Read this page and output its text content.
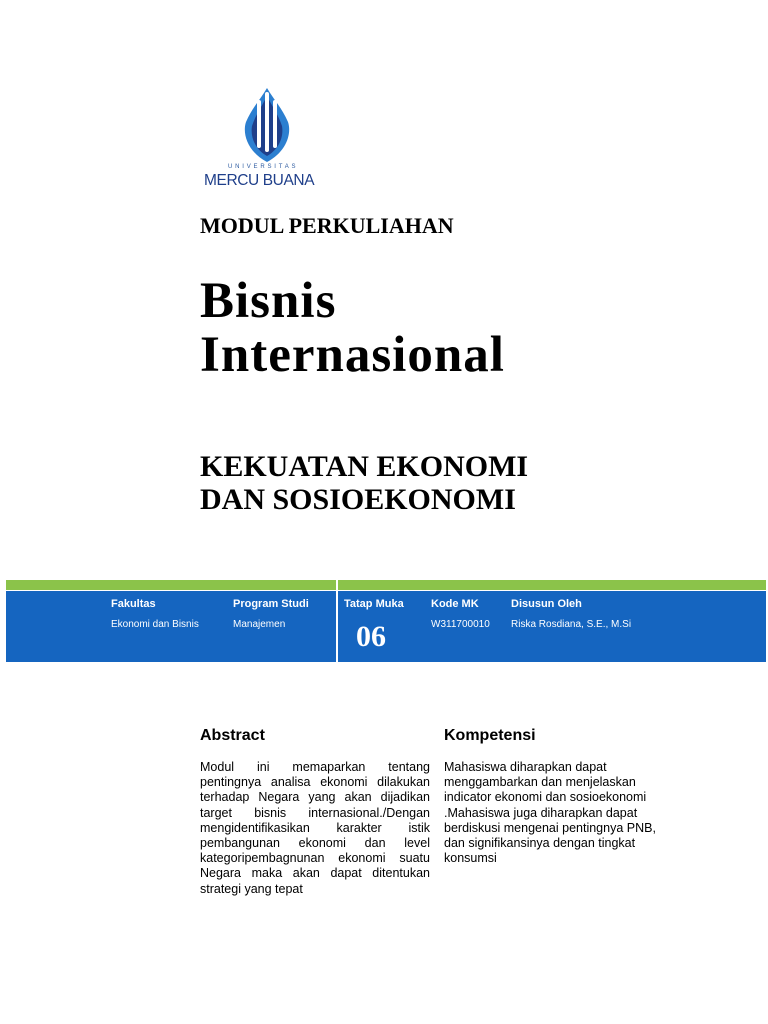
UNIVERSITAS
MERCU BUANA
MODUL PERKULIAHAN
Bisnis
Internasional
KEKUATAN EKONOMI
DAN SOSIOEKONOMI
Fakultas
Ekonomi dan Bisnis
Program Studi
Manajemen
Tatap Muka
06
Kode MK
W311700010
Disusun Oleh
Riska Rosdiana, S.E., M.Si
Abstract
Modul ini memaparkan tentang pentingnya analisa ekonomi dilakukan terhadap Negara yang akan dijadikan target bisnis internasional./Dengan mengidentifikasikan karakter istik pembangunan ekonomi dan level kategoripembagnunan ekonomi suatu Negara maka akan dapat ditentukan strategi yang tepat
Kompetensi
Mahasiswa diharapkan dapat menggambarkan dan menjelaskan indicator ekonomi dan sosioekonomi .Mahasiswa juga diharapkan dapat berdiskusi mengenai pentingnya PNB, dan signifikansinya dengan tingkat konsumsi
